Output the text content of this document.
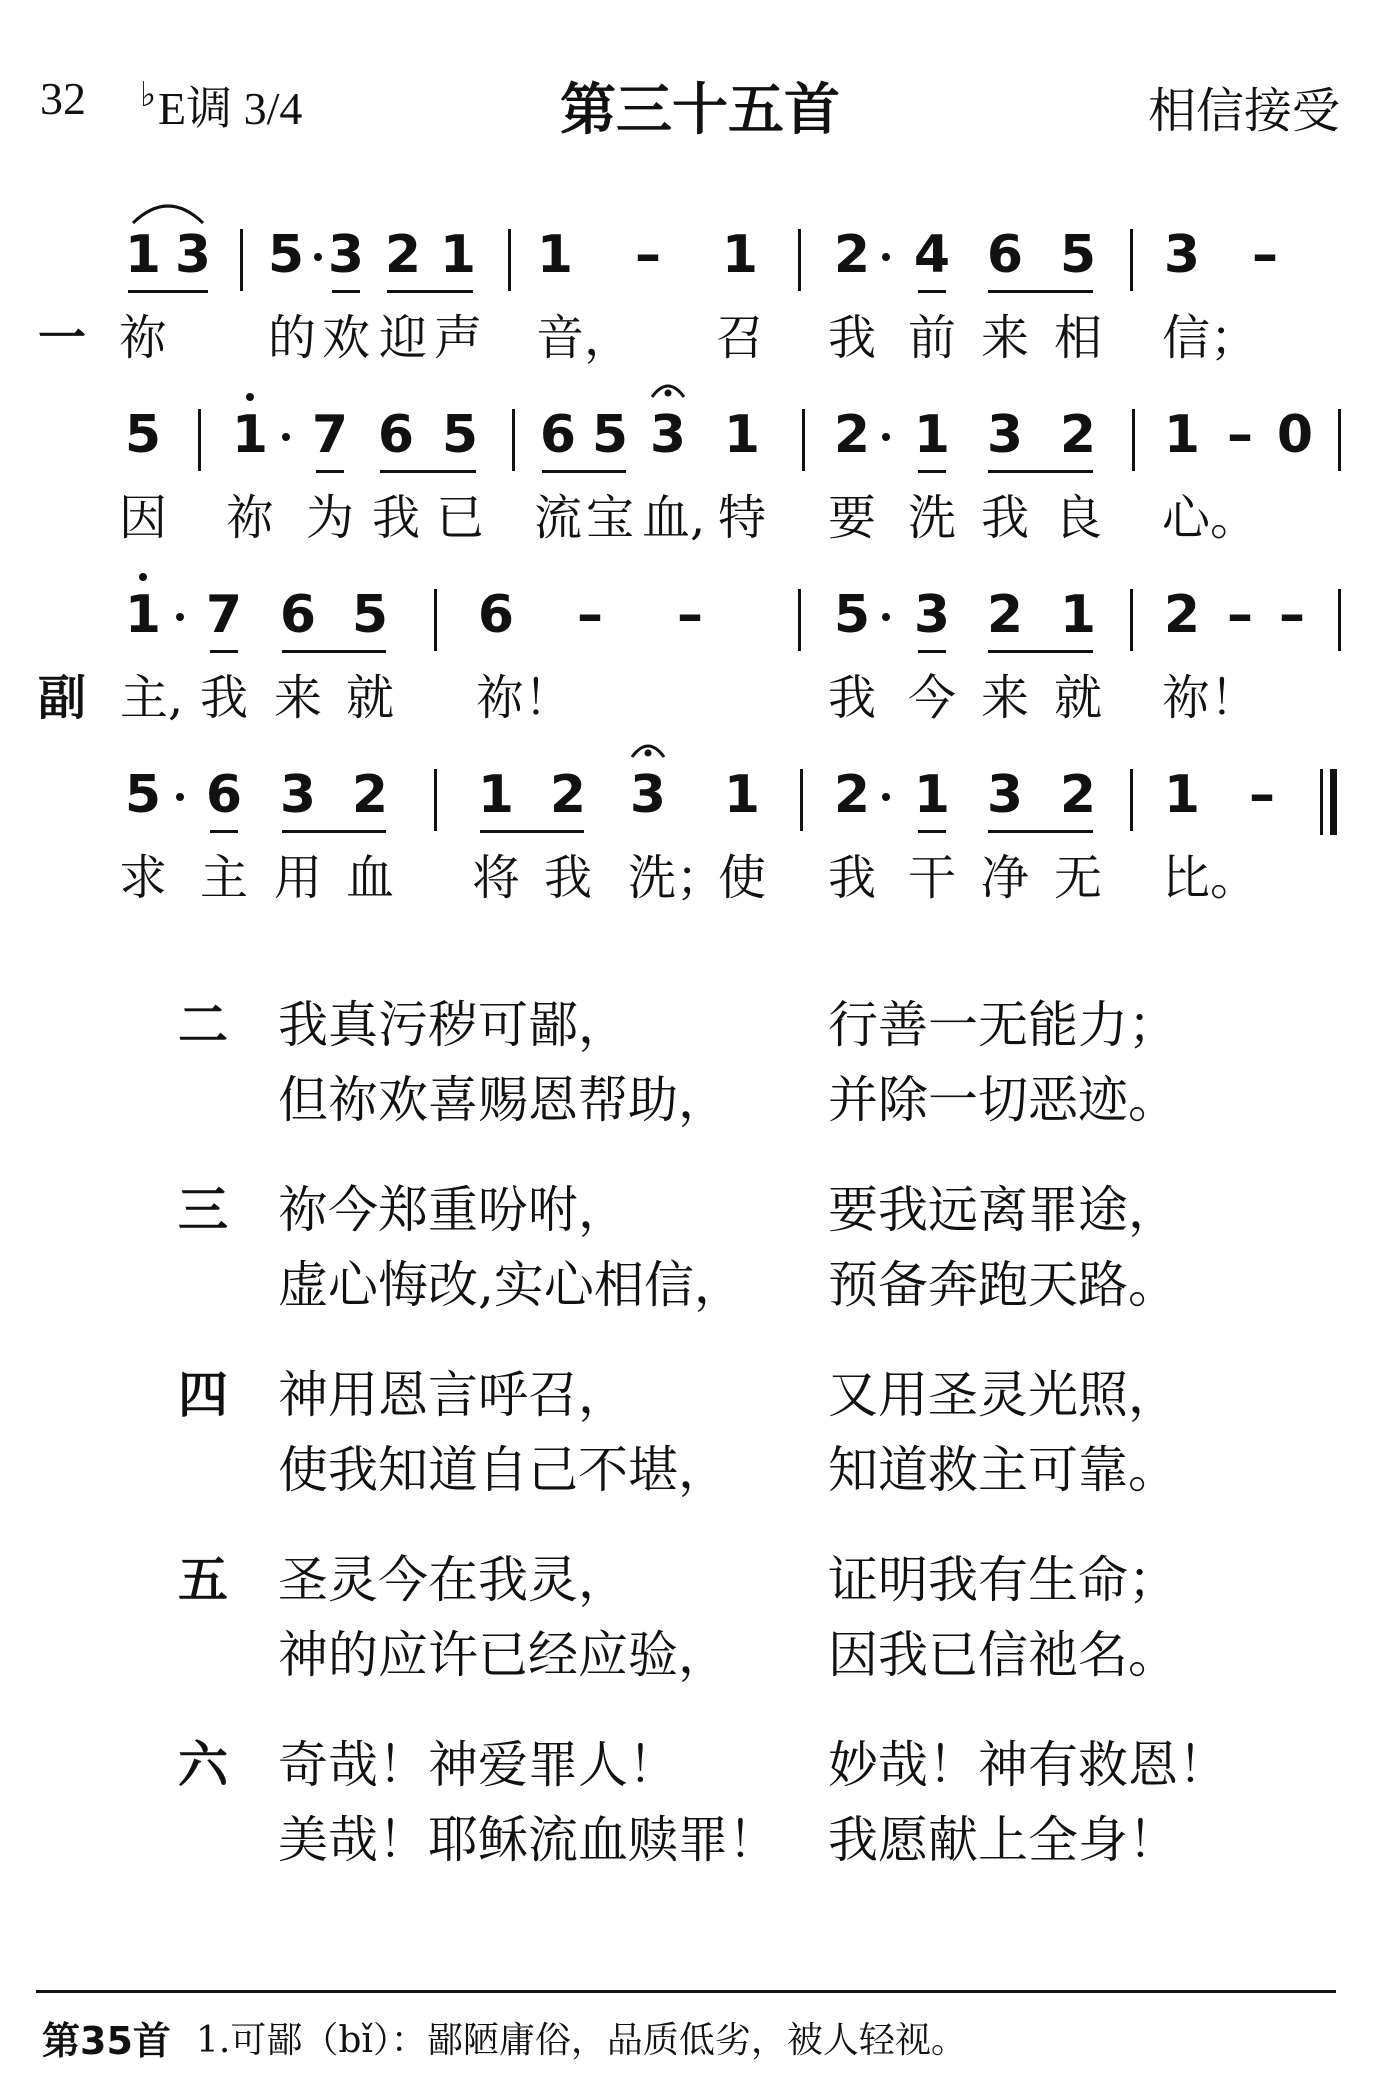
32 ♭E调 3/4	第三十五首	相信接受
一
1 3 5 3 2 1 1 – 1 2 4 6 5 3 –
祢 的 欢 迎 声 音， 召 我 前 来 相 信；
5 1 7 6 5 6 5 3 1 2 1 3 2 1 – 0
因 祢 为 我 已 流 宝 血, 特 要 洗 我 良 心。
副
1 7 6 5 6 – –	5 3 2 1 2 – –
主, 我 来 就 祢！	我 今 来 就 祢！
5 6 3 2 1 2 3 1 2 1 3 2 1 –
求 主 用 血 将 我 洗；
使 我 干 净 无 比。
二 我真污秽可鄙，	行善一无能力；
但祢欢喜赐恩帮助， 并除一切恶迹。
三 祢今郑重吩咐，	要我远离罪途，
虚心悔改,实心相信， 预备奔跑天路。
四 神用恩言呼召，	又用圣灵光照，
使我知道自己不堪， 知道救主可靠。
五 圣灵今在我灵，	证明我有生命；
神的应许已经应验， 因我已信祂名。
六 奇哉！神爱罪人！	妙哉！神有救恩！
美哉！耶稣流血赎罪！ 我愿献上全身！
第35首 1.可鄙（bǐ）：鄙陋庸俗，品质低劣，被人轻视。
